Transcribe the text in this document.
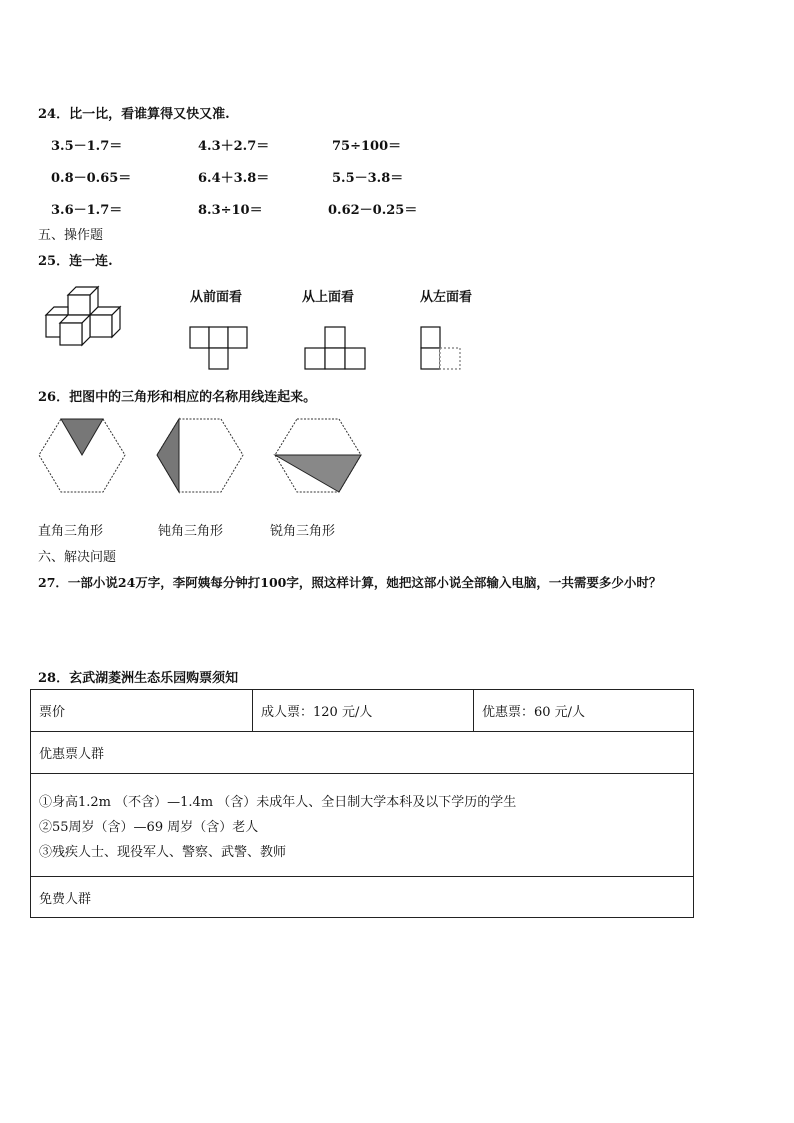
24．比一比，看谁算得又快又准.
3.5－1.7＝	4.3＋2.7＝	75÷100＝
0.8－0.65＝	6.4＋3.8＝	5.5－3.8＝
3.6－1.7＝	8.3÷10＝	0.62－0.25＝
五、操作题
25．连一连.
从前面看	从上面看	从左面看
26．把图中的三角形和相应的名称用线连起来。
直角三角形	钝角三角形	锐角三角形
六、解决问题
27．一部小说24万字，李阿姨每分钟打100字，照这样计算，她把这部小说全部输入电脑，一共需要多少小时？
28．玄武湖菱洲生态乐园购票须知
票价	成人票：120 元/人	优惠票：60 元/人
优惠票人群

①身高1.2m （不含）—1.4m （含）未成年人、全日制大学本科及以下学历的学生
②55周岁（含）—69 周岁（含）老人
③残疾人士、现役军人、警察、武警、教师

免费人群
